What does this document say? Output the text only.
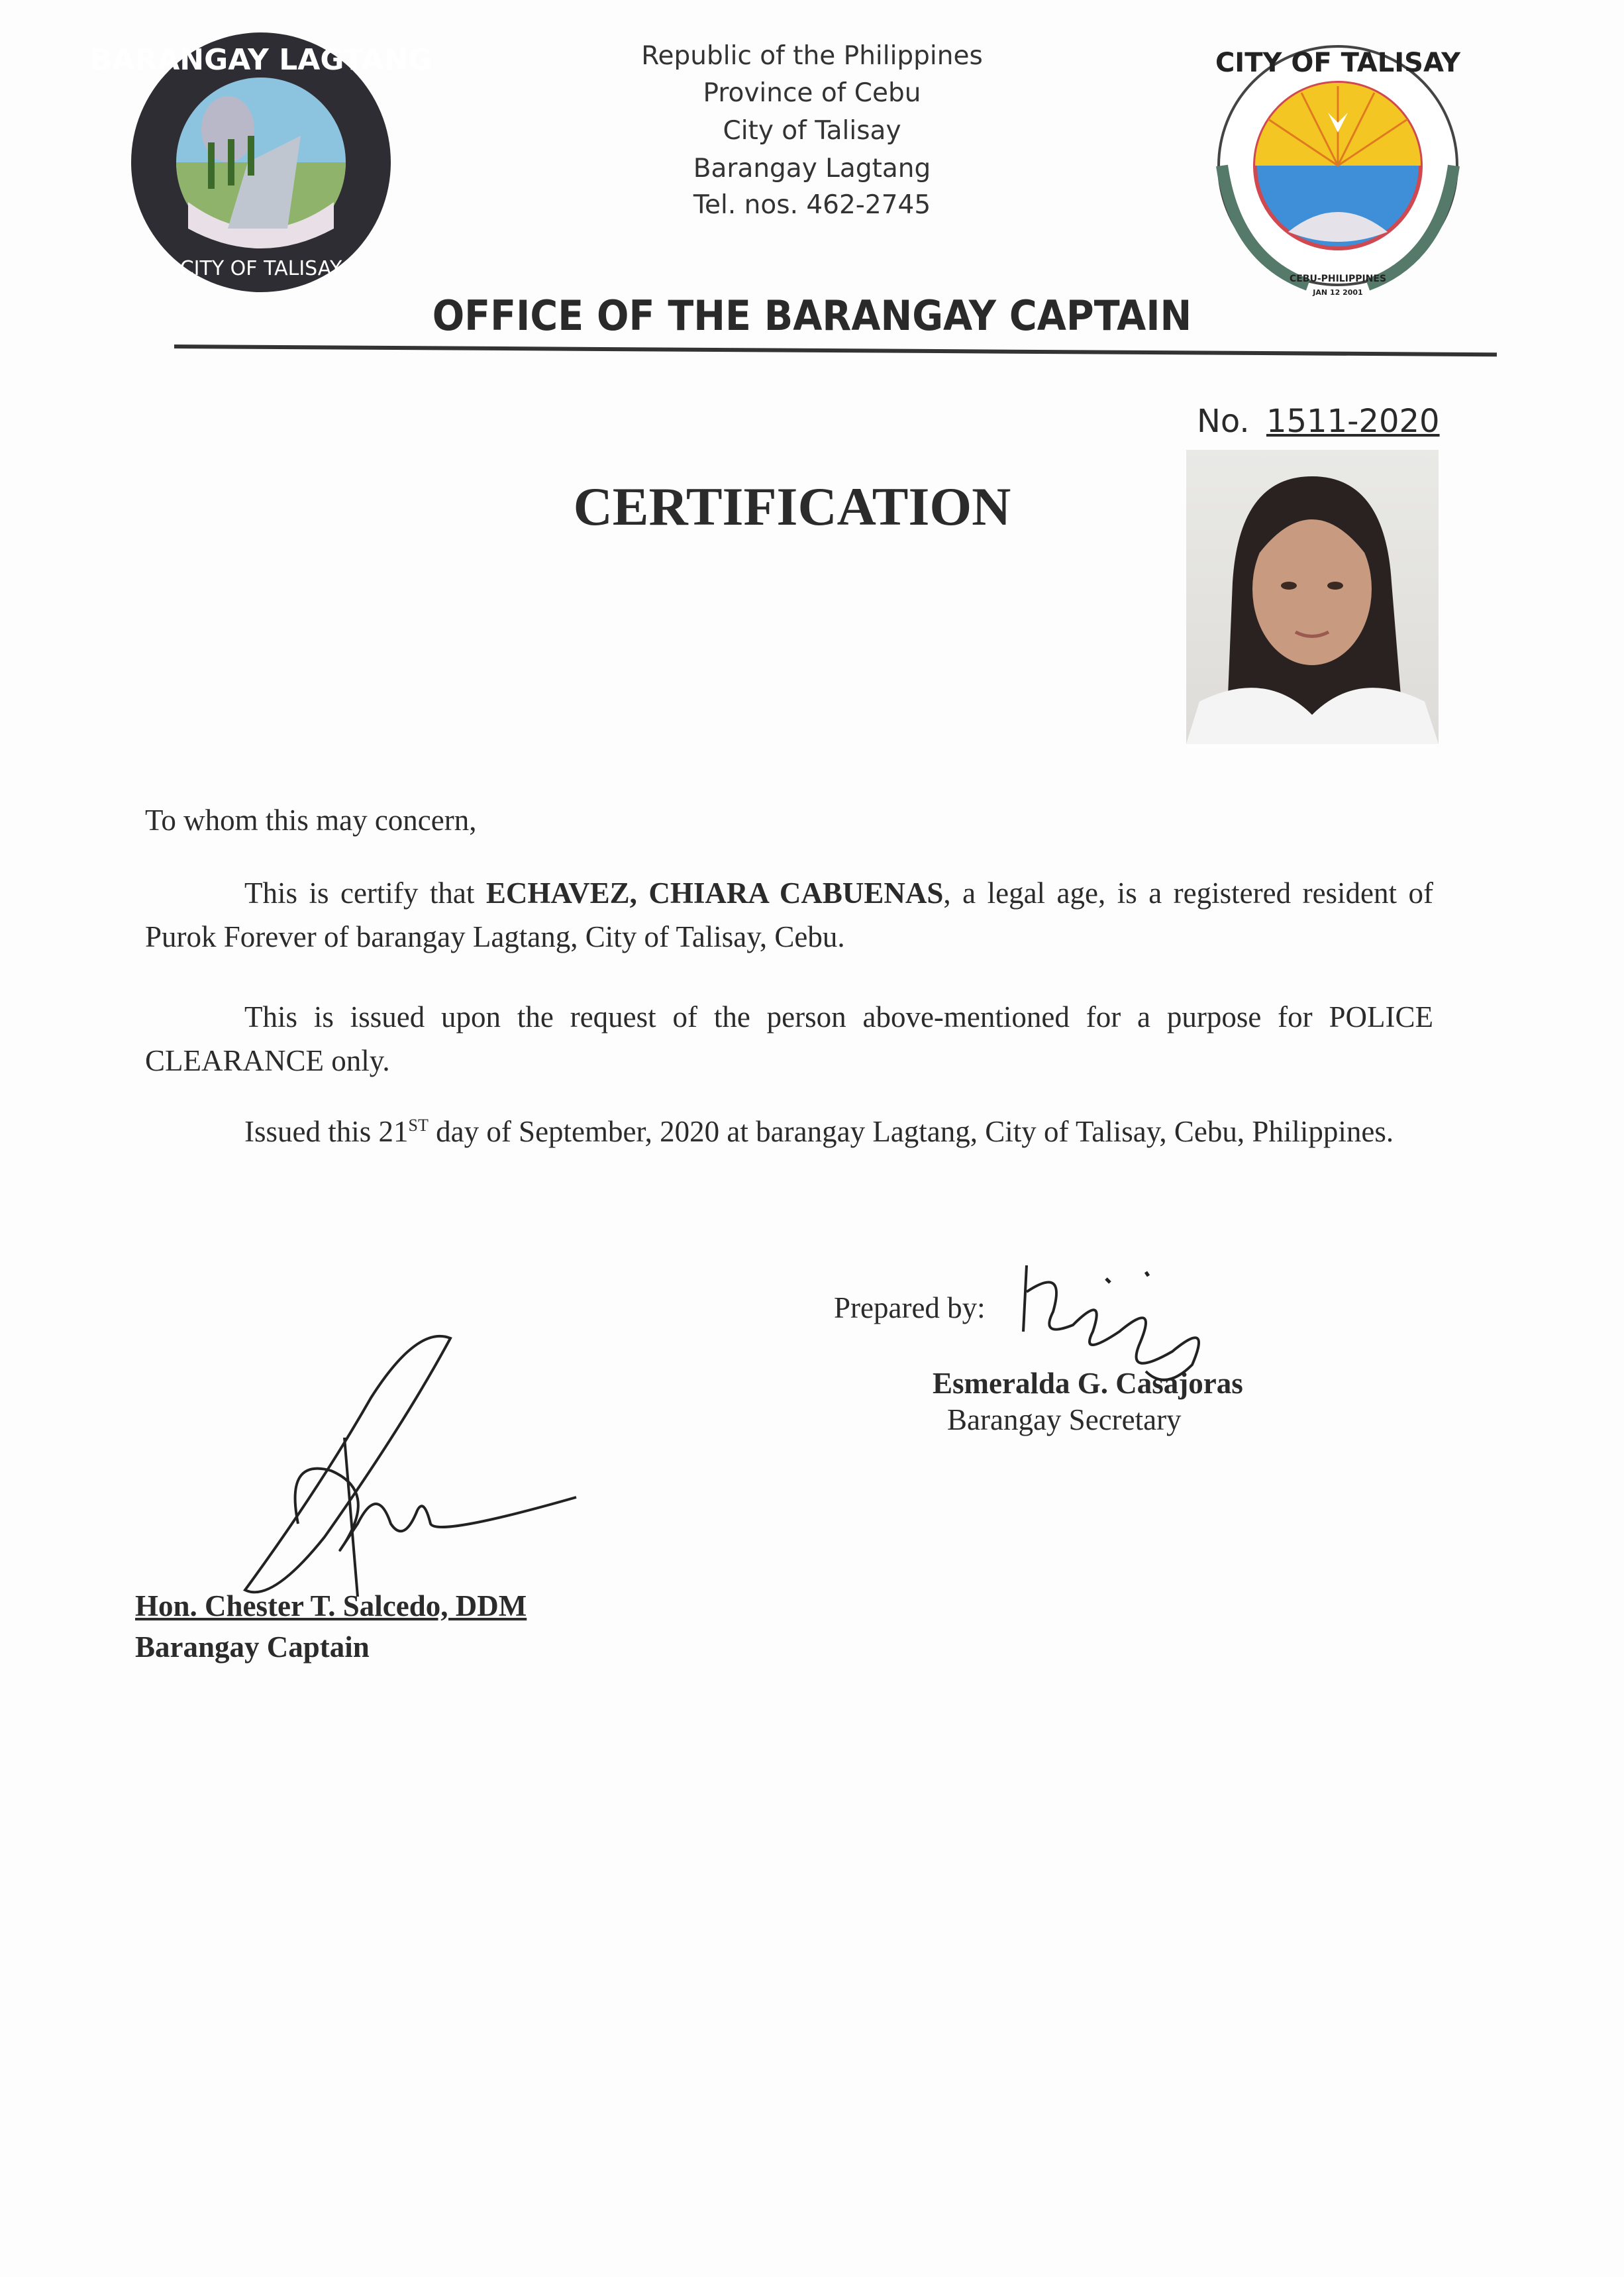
BARANGAY LAGTANG
CITY OF TALISAY
CITY OF TALISAY
CEBU-PHILIPPINES
JAN 12 2001
Republic of the Philippines
Province of Cebu
City of Talisay
Barangay Lagtang
Tel. nos. 462-2745
OFFICE OF THE BARANGAY CAPTAIN
No. 1511-2020
CERTIFICATION
To whom this may concern,
This is certify that ECHAVEZ, CHIARA CABUENAS, a legal age, is a registered resident of Purok Forever of barangay Lagtang, City of Talisay, Cebu.
This is issued upon the request of the person above-mentioned for a purpose for POLICE CLEARANCE only.
Issued this 21ST day of September, 2020 at barangay Lagtang, City of Talisay, Cebu, Philippines.
Prepared by:
Esmeralda G. Casajoras
Barangay Secretary
Hon. Chester T. Salcedo, DDM
Barangay Captain
